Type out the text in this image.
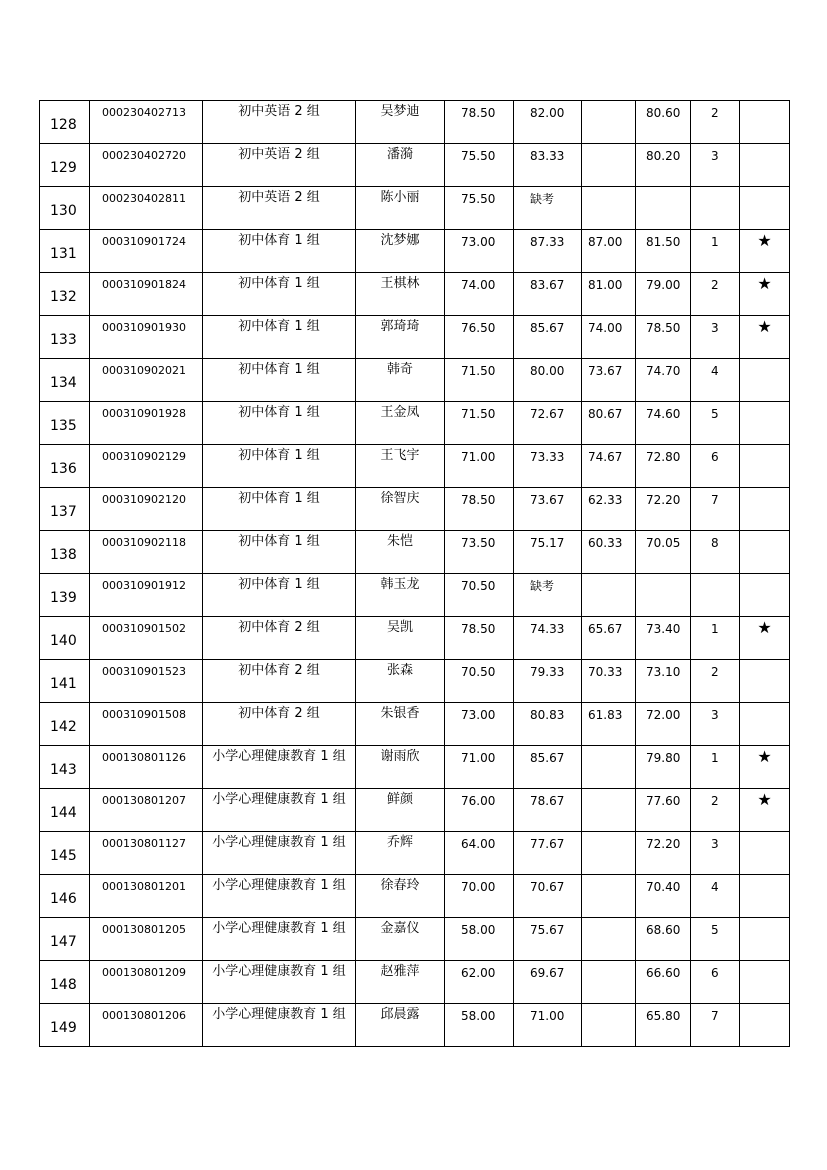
128	000230402713	初中英语 2 组	吴梦迪	78.50	82.00		80.60	2	
129	000230402720	初中英语 2 组	潘漪	75.50	83.33		80.20	3	
130	000230402811	初中英语 2 组	陈小丽	75.50	缺考				
131	000310901724	初中体育 1 组	沈梦娜	73.00	87.33	87.00	81.50	1	★
132	000310901824	初中体育 1 组	王棋林	74.00	83.67	81.00	79.00	2	★
133	000310901930	初中体育 1 组	郭琦琦	76.50	85.67	74.00	78.50	3	★
134	000310902021	初中体育 1 组	韩奇	71.50	80.00	73.67	74.70	4	
135	000310901928	初中体育 1 组	王金凤	71.50	72.67	80.67	74.60	5	
136	000310902129	初中体育 1 组	王飞宇	71.00	73.33	74.67	72.80	6	
137	000310902120	初中体育 1 组	徐智庆	78.50	73.67	62.33	72.20	7	
138	000310902118	初中体育 1 组	朱恺	73.50	75.17	60.33	70.05	8	
139	000310901912	初中体育 1 组	韩玉龙	70.50	缺考				
140	000310901502	初中体育 2 组	吴凯	78.50	74.33	65.67	73.40	1	★
141	000310901523	初中体育 2 组	张森	70.50	79.33	70.33	73.10	2	
142	000310901508	初中体育 2 组	朱银香	73.00	80.83	61.83	72.00	3	
143	000130801126	小学心理健康教育 1 组	谢雨欣	71.00	85.67		79.80	1	★
144	000130801207	小学心理健康教育 1 组	鲜颜	76.00	78.67		77.60	2	★
145	000130801127	小学心理健康教育 1 组	乔辉	64.00	77.67		72.20	3	
146	000130801201	小学心理健康教育 1 组	徐春玲	70.00	70.67		70.40	4	
147	000130801205	小学心理健康教育 1 组	金嘉仪	58.00	75.67		68.60	5	
148	000130801209	小学心理健康教育 1 组	赵雅萍	62.00	69.67		66.60	6	
149	000130801206	小学心理健康教育 1 组	邱晨露	58.00	71.00		65.80	7	
